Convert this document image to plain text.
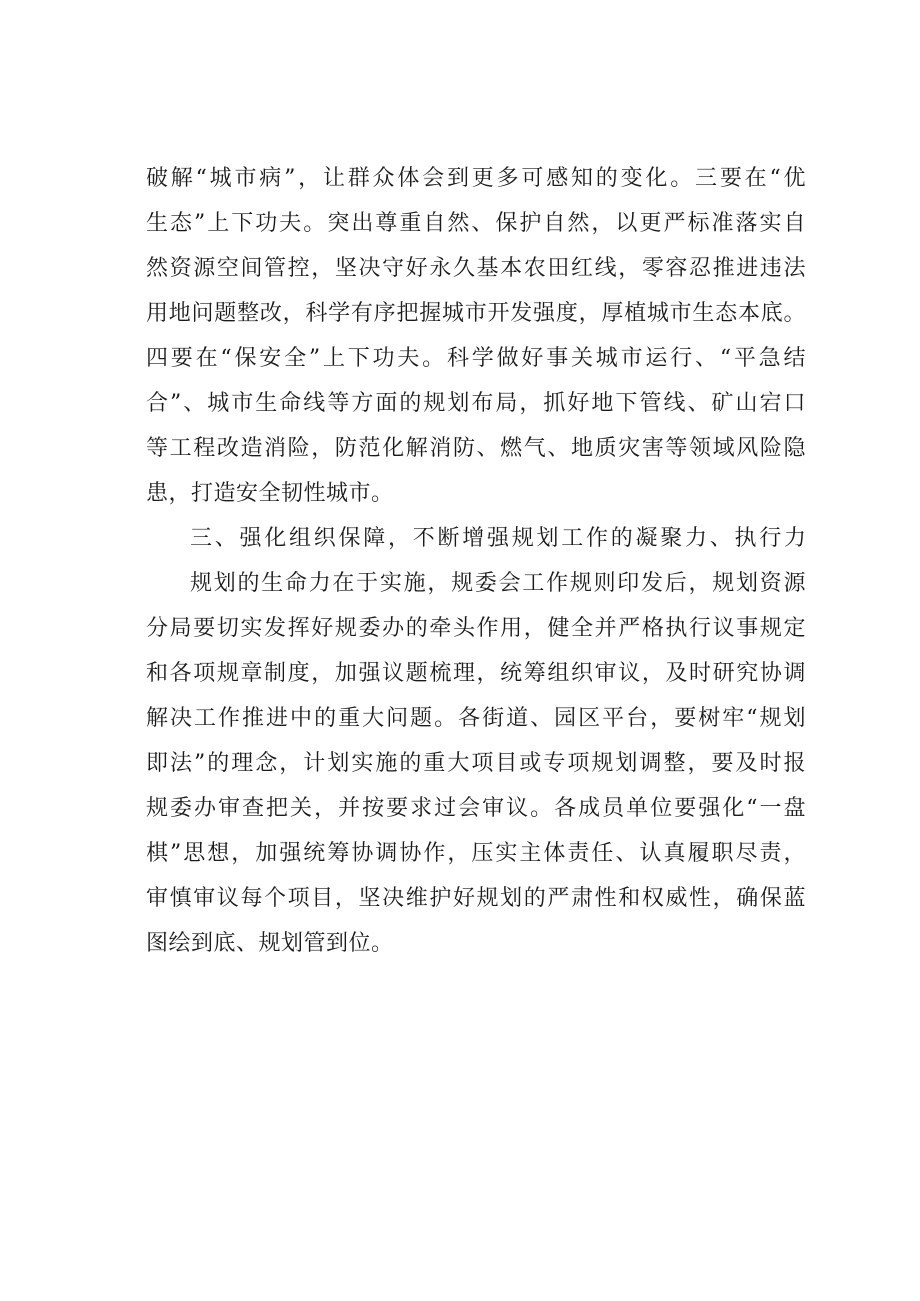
破解“城市病”，让群众体会到更多可感知的变化。三要在“优
生态”上下功夫。突出尊重自然、保护自然，以更严标准落实自
然资源空间管控，坚决守好永久基本农田红线，零容忍推进违法
用地问题整改，科学有序把握城市开发强度，厚植城市生态本底。
四要在“保安全”上下功夫。科学做好事关城市运行、“平急结
合”、城市生命线等方面的规划布局，抓好地下管线、矿山宕口
等工程改造消险，防范化解消防、燃气、地质灾害等领域风险隐
患，打造安全韧性城市。
三、强化组织保障，不断增强规划工作的凝聚力、执行力
规划的生命力在于实施，规委会工作规则印发后，规划资源
分局要切实发挥好规委办的牵头作用，健全并严格执行议事规定
和各项规章制度，加强议题梳理，统筹组织审议，及时研究协调
解决工作推进中的重大问题。各街道、园区平台，要树牢“规划
即法”的理念，计划实施的重大项目或专项规划调整，要及时报
规委办审查把关，并按要求过会审议。各成员单位要强化“一盘
棋”思想，加强统筹协调协作，压实主体责任、认真履职尽责，
审慎审议每个项目，坚决维护好规划的严肃性和权威性，确保蓝
图绘到底、规划管到位。
